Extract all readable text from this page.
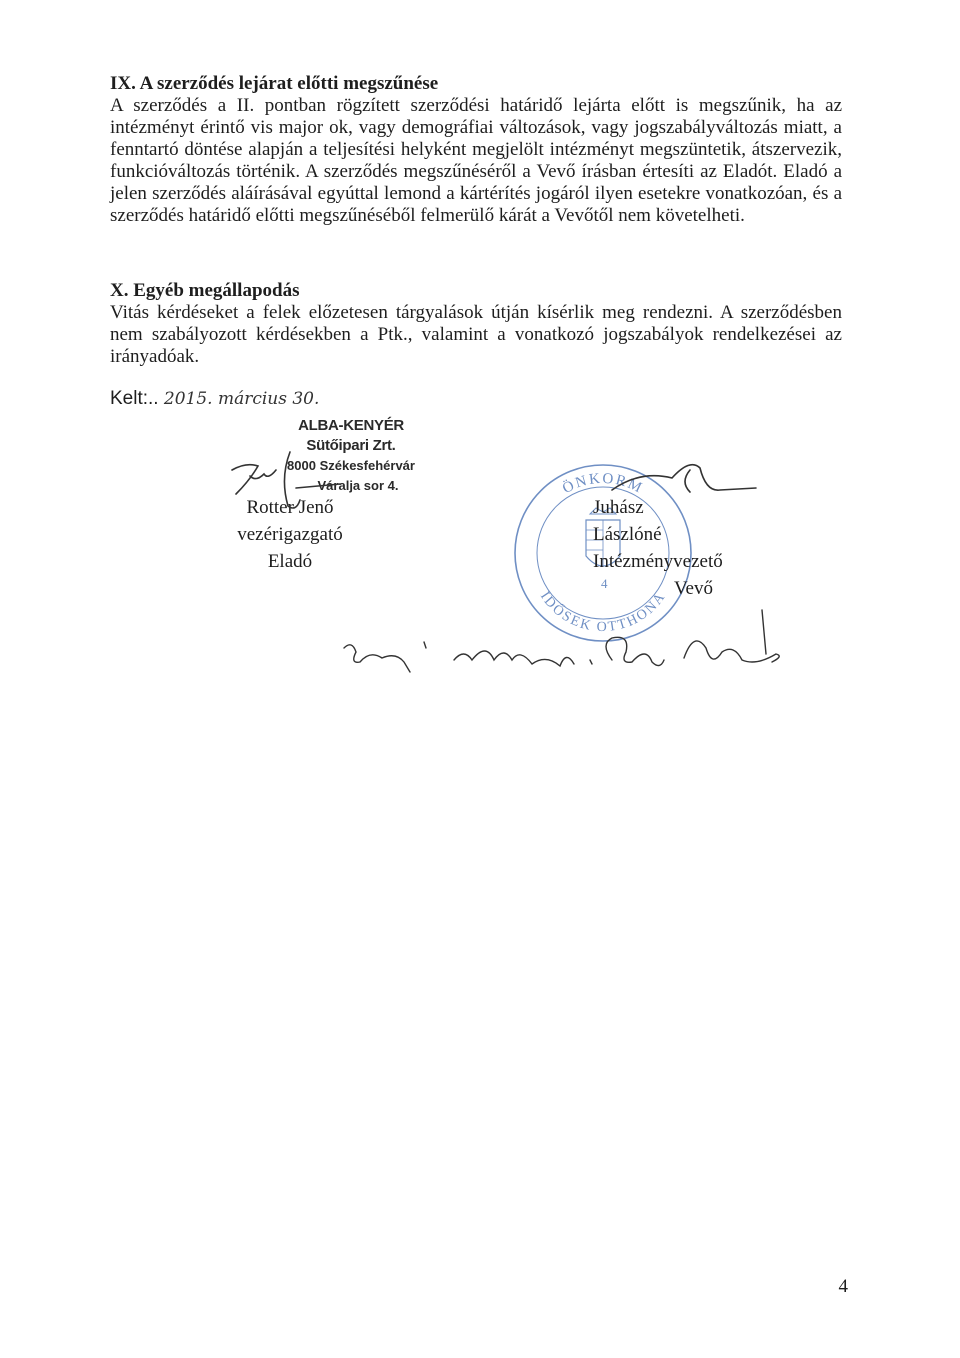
IX. A szerződés lejárat előtti megszűnése

A szerződés a II. pontban rögzített szerződési határidő lejárta előtt is megszűnik, ha az intézményt érintő vis major ok, vagy demográfiai változások, vagy jogszabályváltozás miatt, a fenntartó döntése alapján a teljesítési helyként megjelölt intézményt megszüntetik, átszervezik, funkcióváltozás történik. A szerződés megszűnéséről a Vevő írásban értesíti az Eladót. Eladó a jelen szerződés aláírásával egyúttal lemond a kártérítés jogáról ilyen esetekre vonatkozóan, és a szerződés határidő előtti megszűnéséből felmerülő kárát a Vevőtől nem követelheti.

X. Egyéb megállapodás

Vitás kérdéseket a felek előzetesen tárgyalások útján kísérlik meg rendezni. A szerződésben nem szabályozott kérdésekben a Ptk., valamint a vonatkozó jogszabályok rendelkezései az irányadóak.

Kelt:.. 2015. március 30.
ALBA-KENYÉR Sütőipari Zrt.
8000 Székesfehérvár
Váralja sor 4.
Rotter Jenő
vezérigazgató
Eladó
ÖNKORM
IDŐSEK OTTHONA
4
Juhász Lászlóné
Intézményvezető
Vevő
4
